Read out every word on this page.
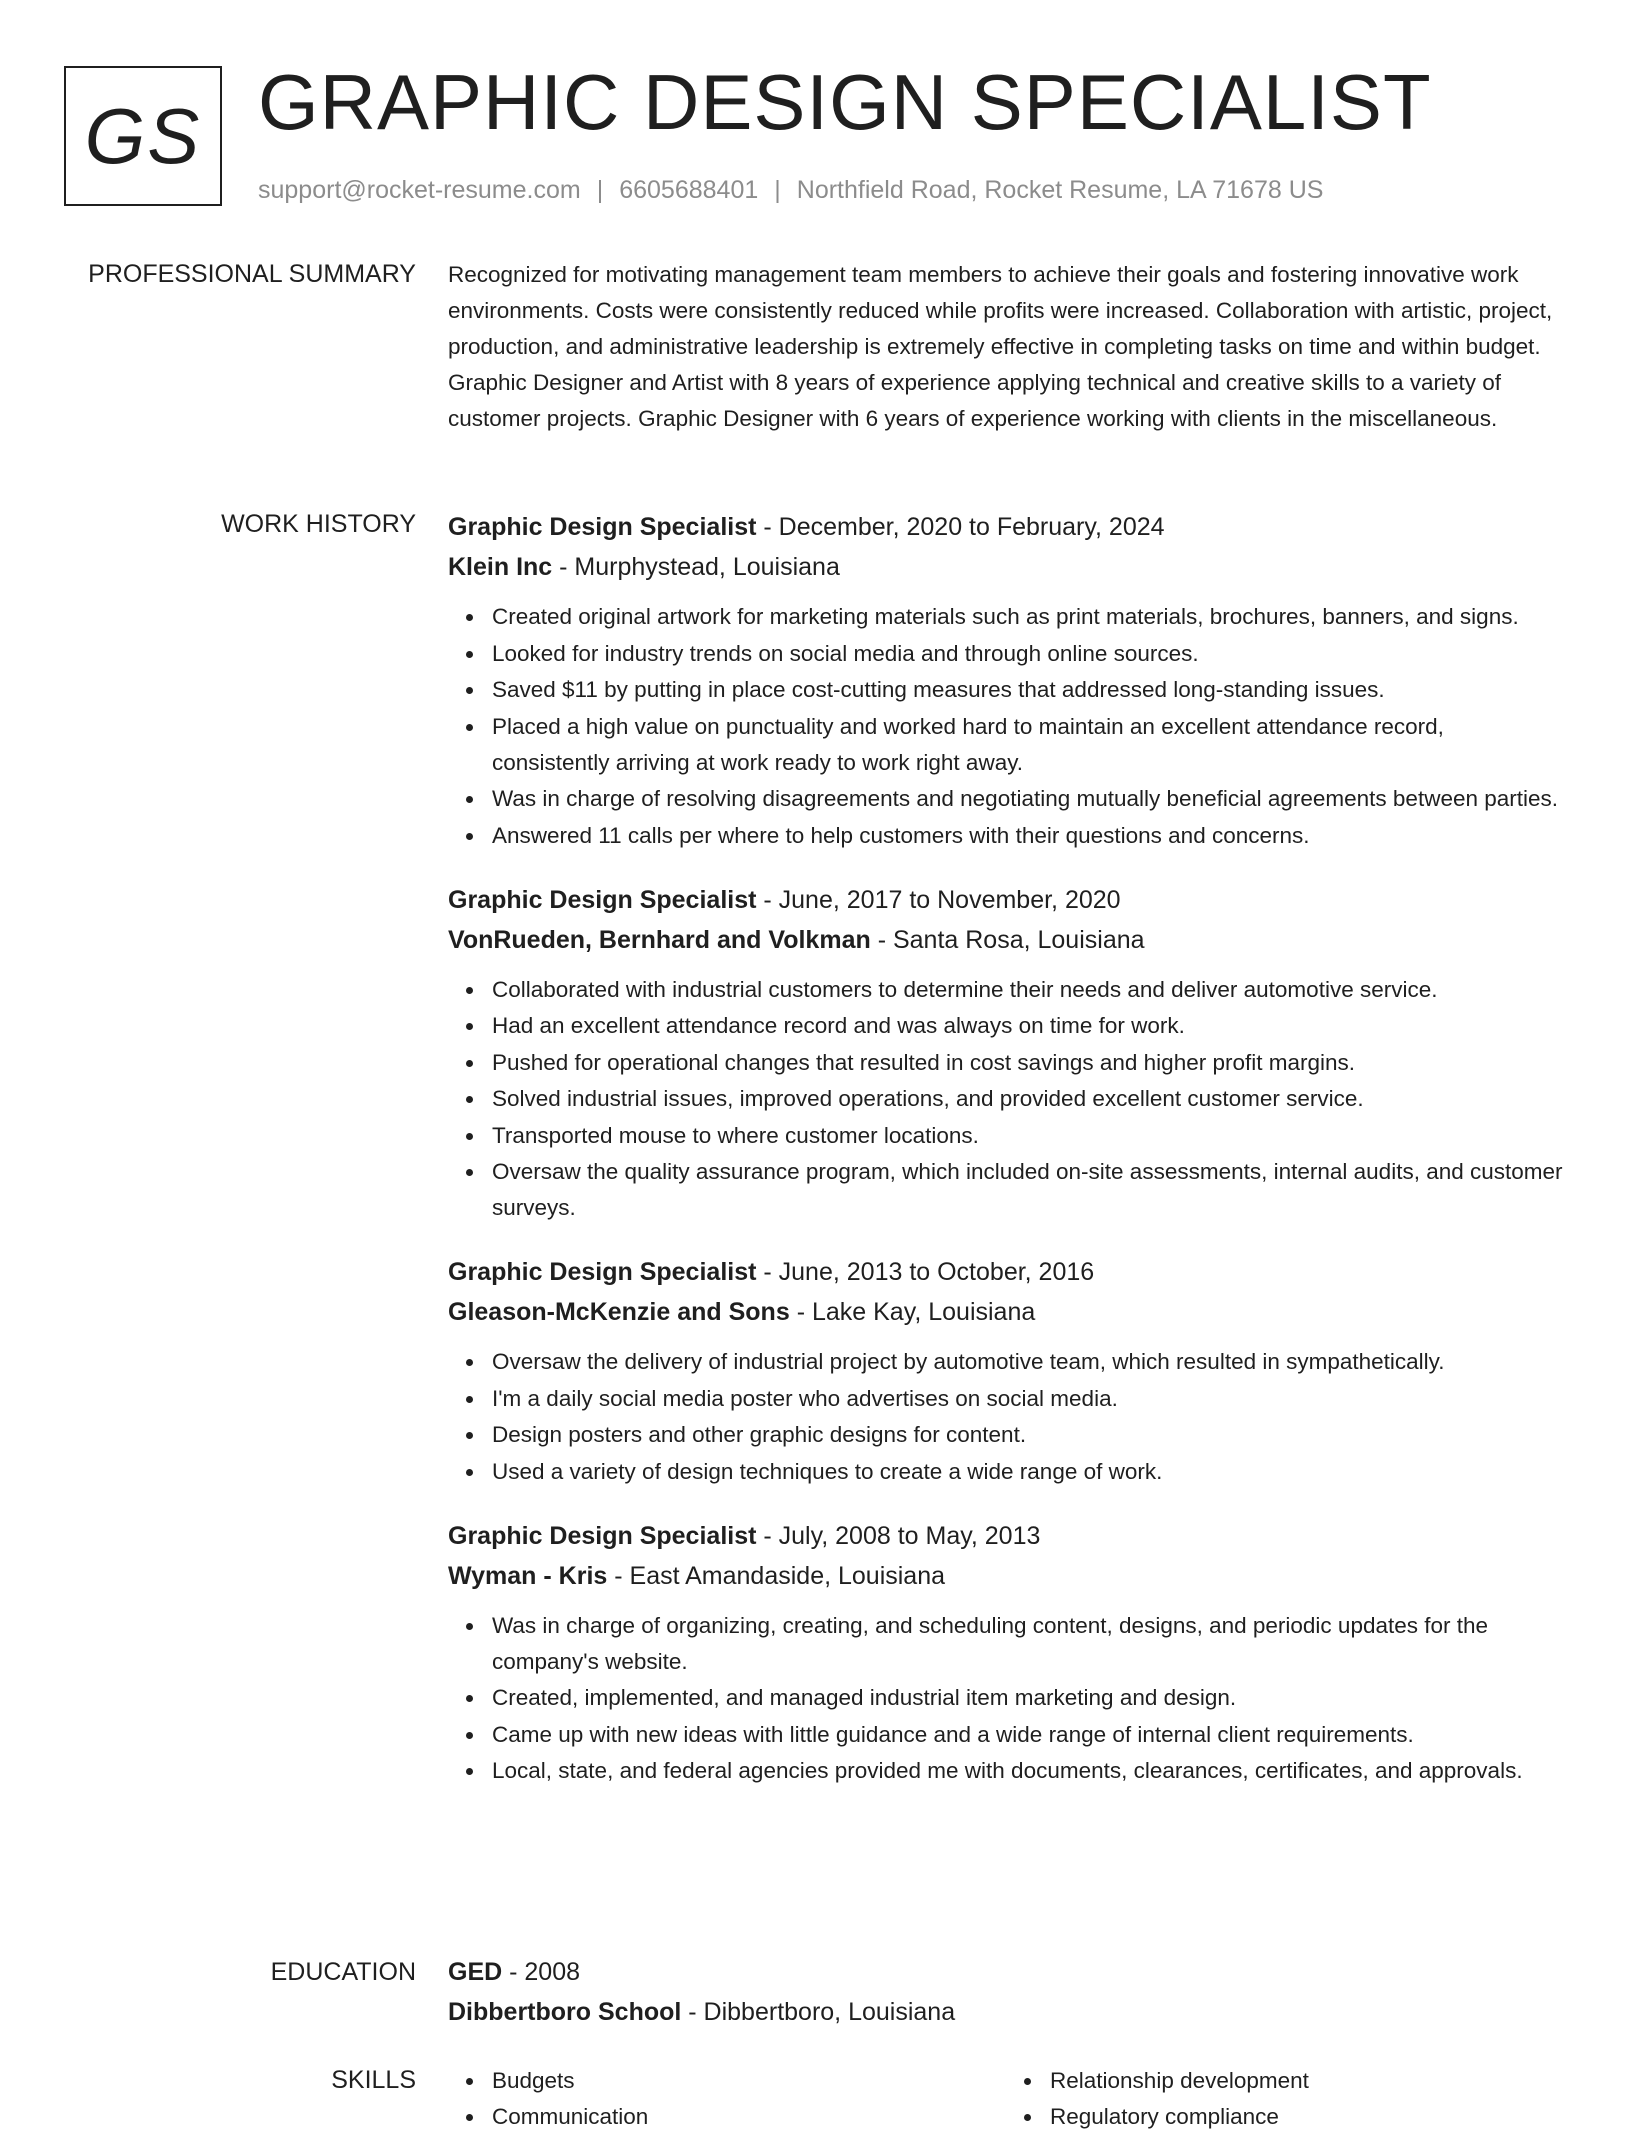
GS GRAPHIC DESIGN SPECIALIST
support@rocket-resume.com | 6605688401 | Northfield Road, Rocket Resume, LA 71678 US
PROFESSIONAL SUMMARY Recognized for motivating management team members to achieve their goals and fostering innovative work environments. Costs were consistently reduced while profits were increased. Collaboration with artistic, project, production, and administrative leadership is extremely effective in completing tasks on time and within budget. Graphic Designer and Artist with 8 years of experience applying technical and creative skills to a variety of customer projects. Graphic Designer with 6 years of experience working with clients in the miscellaneous.

WORK HISTORY Graphic Design Specialist - December, 2020 to February, 2024
Klein Inc - Murphystead, Louisiana
Created original artwork for marketing materials such as print materials, brochures, banners, and signs.
Looked for industry trends on social media and through online sources.
Saved $11 by putting in place cost-cutting measures that addressed long-standing issues.
Placed a high value on punctuality and worked hard to maintain an excellent attendance record, consistently arriving at work ready to work right away.
Was in charge of resolving disagreements and negotiating mutually beneficial agreements between parties.
Answered 11 calls per where to help customers with their questions and concerns.
Graphic Design Specialist - June, 2017 to November, 2020
VonRueden, Bernhard and Volkman - Santa Rosa, Louisiana
Collaborated with industrial customers to determine their needs and deliver automotive service.
Had an excellent attendance record and was always on time for work.
Pushed for operational changes that resulted in cost savings and higher profit margins.
Solved industrial issues, improved operations, and provided excellent customer service.
Transported mouse to where customer locations.
Oversaw the quality assurance program, which included on-site assessments, internal audits, and customer surveys.
Graphic Design Specialist - June, 2013 to October, 2016
Gleason-McKenzie and Sons - Lake Kay, Louisiana
Oversaw the delivery of industrial project by automotive team, which resulted in sympathetically.
I'm a daily social media poster who advertises on social media.
Design posters and other graphic designs for content.
Used a variety of design techniques to create a wide range of work.
Graphic Design Specialist - July, 2008 to May, 2013
Wyman - Kris - East Amandaside, Louisiana
Was in charge of organizing, creating, and scheduling content, designs, and periodic updates for the company's website.
Created, implemented, and managed industrial item marketing and design.
Came up with new ideas with little guidance and a wide range of internal client requirements.
Local, state, and federal agencies provided me with documents, clearances, certificates, and approvals.
EDUCATION GED - 2008
Dibbertboro School - Dibbertboro, Louisiana
SKILLS	Budgets
Communication
Relationship development
Regulatory compliance
